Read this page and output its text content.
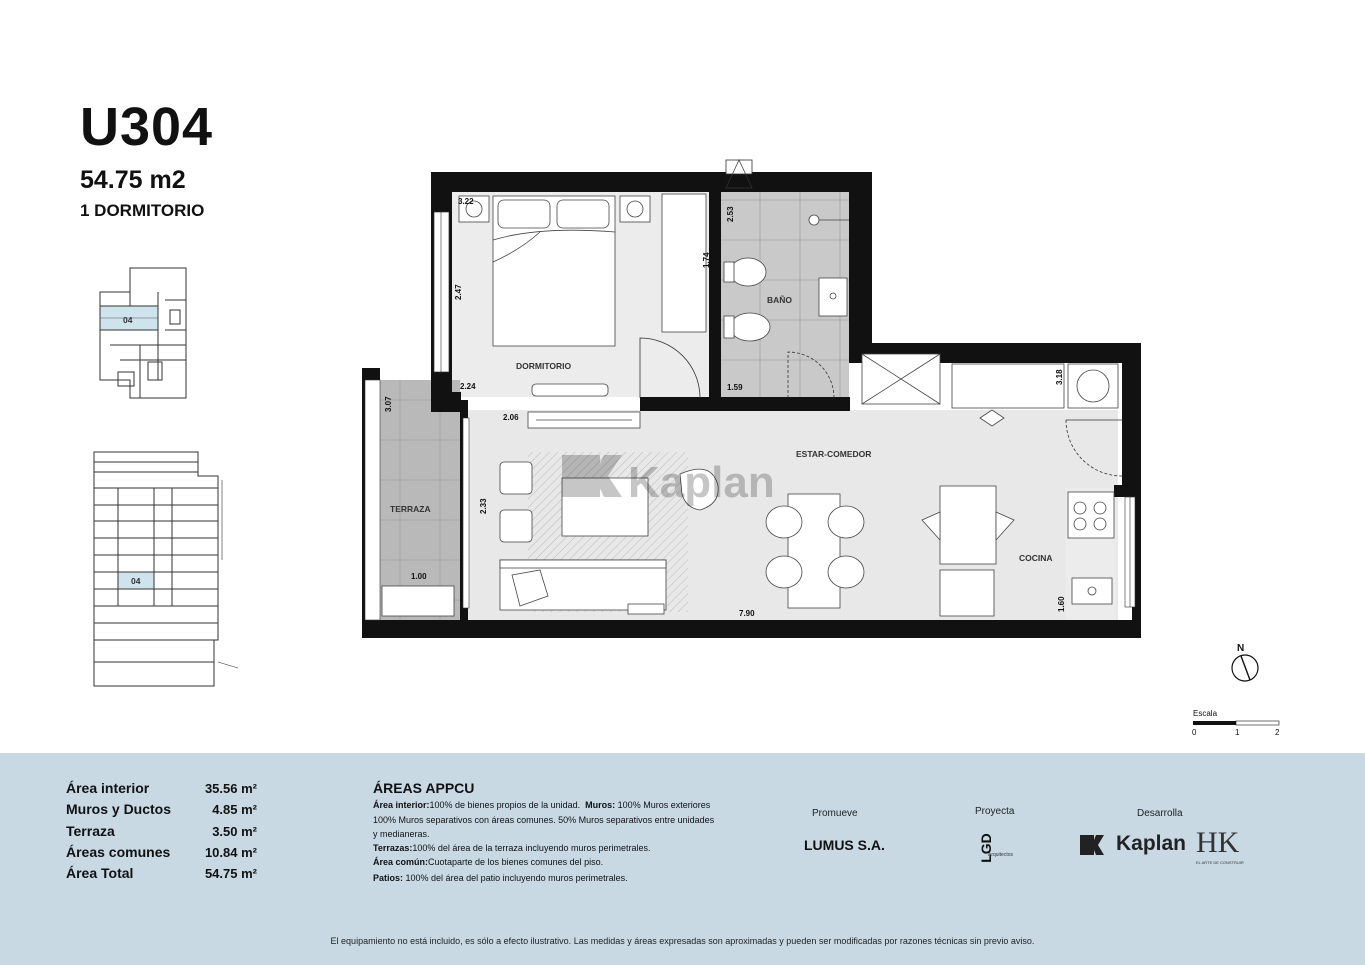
U304
54.75 m2
1 DORMITORIO
04
04
Kaplan
DORMITORIO
BAÑO
ESTAR-COMEDOR
TERRAZA
COCINA
3.22
2.47
2.24
1.74
2.53
1.59
3.18
3.07
2.06
2.33
1.00
7.90
1.60
N
Escala
0	1	2
Área interior	35.56 m²
Muros y Ductos	4.85 m²
Terraza	3.50 m²
Áreas comunes	10.84 m²
Área Total	54.75 m²
ÁREAS APPCU
Área interior:100% de bienes propios de la unidad. Muros: 100% Muros exteriores
100% Muros separativos con áreas comunes. 50% Muros separativos entre unidades
y medianeras.
Terrazas:100% del área de la terraza incluyendo muros perimetrales.
Área común:Cuotaparte de los bienes comunes del piso.
Patios: 100% del área del patio incluyendo muros perimetrales.
Promueve
LUMUS S.A.
Proyecta
LGD
Arquitectos
Desarrolla
Kaplan HK
EL ARTE DE CONSTRUIR
El equipamiento no está incluido, es sólo a efecto ilustrativo. Las medidas y áreas expresadas son aproximadas y pueden ser modificadas por razones técnicas sin previo aviso.
